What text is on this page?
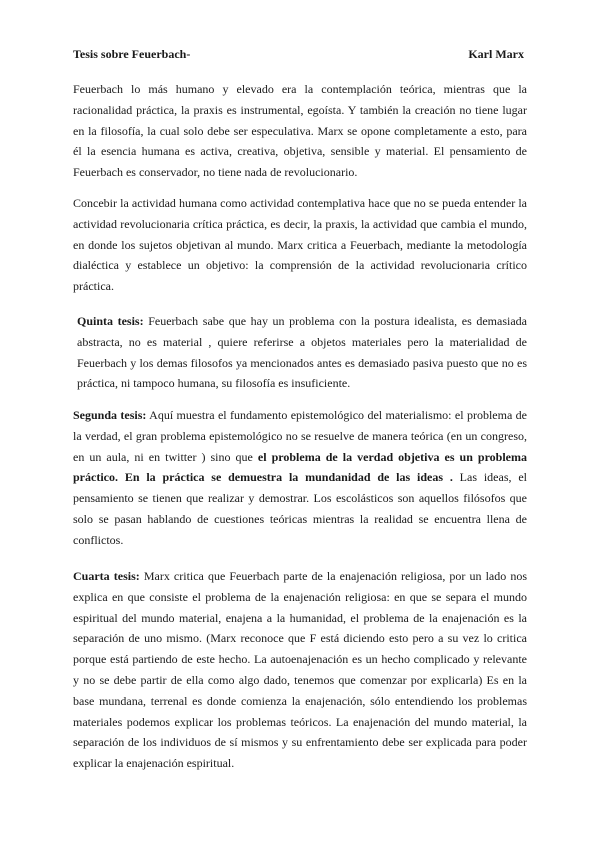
Tesis sobre Feuerbach-	Karl Marx

Feuerbach lo más humano y elevado era la contemplación teórica, mientras que la racionalidad práctica, la praxis es instrumental, egoísta. Y también la creación no tiene lugar en la filosofía, la cual solo debe ser especulativa. Marx se opone completamente a esto, para él la esencia humana es activa, creativa, objetiva, sensible y material. El pensamiento de Feuerbach es conservador, no tiene nada de revolucionario.

Concebir la actividad humana como actividad contemplativa hace que no se pueda entender la actividad revolucionaria crítica práctica, es decir, la praxis, la actividad que cambia el mundo, en donde los sujetos objetivan al mundo. Marx critica a Feuerbach, mediante la metodología dialéctica y establece un objetivo: la comprensión de la actividad revolucionaria crítico práctica.

Quinta tesis: Feuerbach sabe que hay un problema con la postura idealista, es demasiada abstracta, no es material , quiere referirse a objetos materiales pero la materialidad de Feuerbach y los demas filosofos ya mencionados antes es demasiado pasiva puesto que no es práctica, ni tampoco humana, su filosofía es insuficiente.

Segunda tesis: Aquí muestra el fundamento epistemológico del materialismo: el problema de la verdad, el gran problema epistemológico no se resuelve de manera teórica (en un congreso, en un aula, ni en twitter ) sino que el problema de la verdad objetiva es un problema práctico. En la práctica se demuestra la mundanidad de las ideas . Las ideas, el pensamiento se tienen que realizar y demostrar. Los escolásticos son aquellos filósofos que solo se pasan hablando de cuestiones teóricas mientras la realidad se encuentra llena de conflictos.

Cuarta tesis: Marx critica que Feuerbach parte de la enajenación religiosa, por un lado nos explica en que consiste el problema de la enajenación religiosa: en que se separa el mundo espiritual del mundo material, enajena a la humanidad, el problema de la enajenación es la separación de uno mismo. (Marx reconoce que F está diciendo esto pero a su vez lo critica porque está partiendo de este hecho. La autoenajenación es un hecho complicado y relevante y no se debe partir de ella como algo dado, tenemos que comenzar por explicarla) Es en la base mundana, terrenal es donde comienza la enajenación, sólo entendiendo los problemas materiales podemos explicar los problemas teóricos. La enajenación del mundo material, la separación de los individuos de sí mismos y su enfrentamiento debe ser explicada para poder explicar la enajenación espiritual.
